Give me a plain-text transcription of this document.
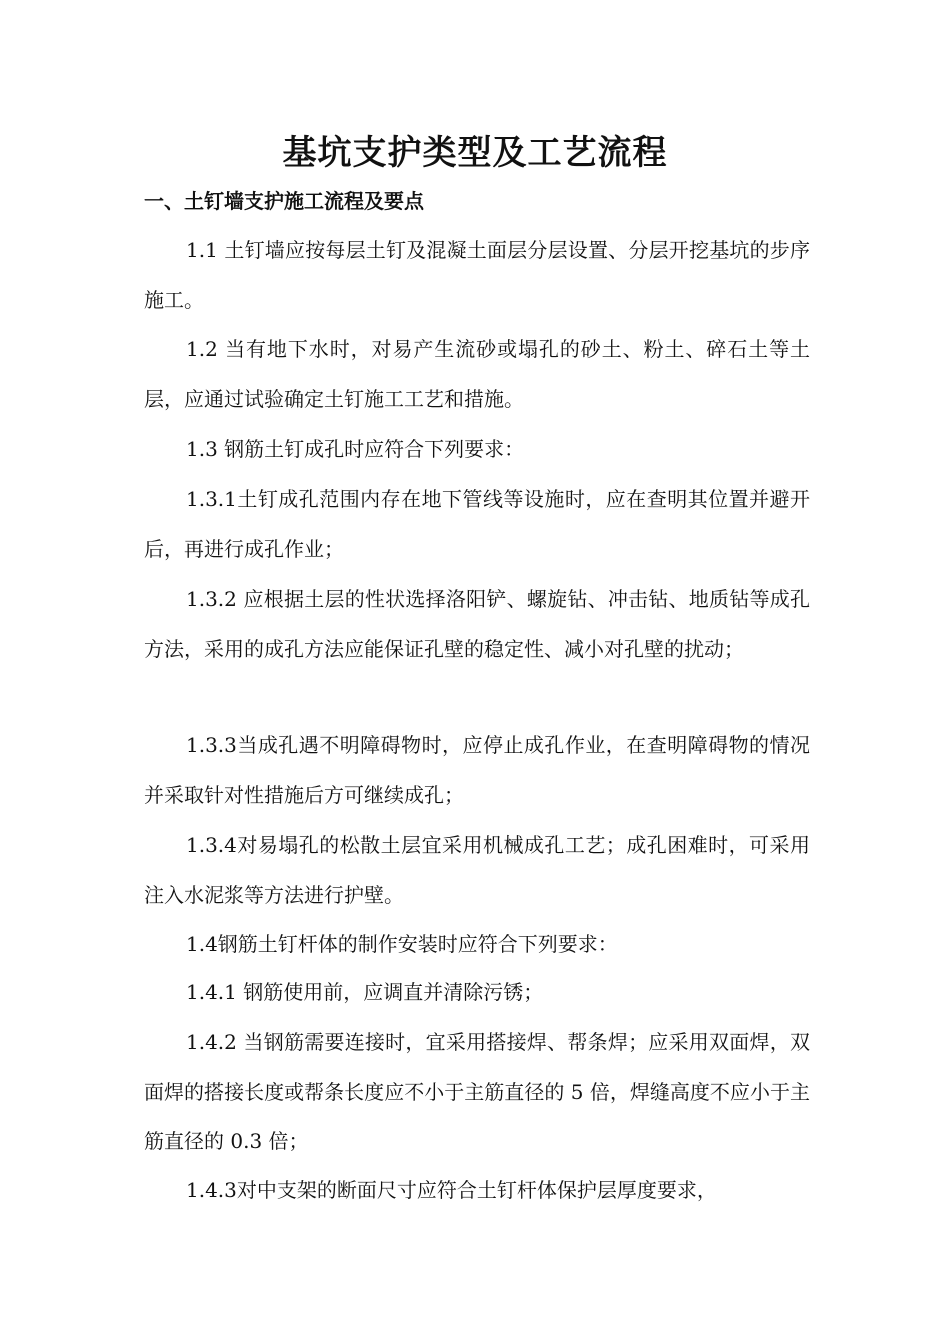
基坑支护类型及工艺流程
一、土钉墙支护施工流程及要点

1.1 土钉墙应按每层土钉及混凝土面层分层设置、分层开挖基坑的步序施工。

1.2 当有地下水时，对易产生流砂或塌孔的砂土、粉土、碎石土等土层，应通过试验确定土钉施工工艺和措施。

1.3 钢筋土钉成孔时应符合下列要求：

1.3.1土钉成孔范围内存在地下管线等设施时，应在查明其位置并避开后，再进行成孔作业；

1.3.2 应根据土层的性状选择洛阳铲、螺旋钻、冲击钻、地质钻等成孔方法，采用的成孔方法应能保证孔壁的稳定性、减小对孔壁的扰动；

1.3.3当成孔遇不明障碍物时，应停止成孔作业，在查明障碍物的情况并采取针对性措施后方可继续成孔；

1.3.4对易塌孔的松散土层宜采用机械成孔工艺；成孔困难时，可采用注入水泥浆等方法进行护壁。

1.4钢筋土钉杆体的制作安装时应符合下列要求：

1.4.1 钢筋使用前，应调直并清除污锈；

1.4.2 当钢筋需要连接时，宜采用搭接焊、帮条焊；应采用双面焊，双面焊的搭接长度或帮条长度应不小于主筋直径的 5 倍，焊缝高度不应小于主筋直径的 0.3 倍；

1.4.3对中支架的断面尺寸应符合土钉杆体保护层厚度要求，
